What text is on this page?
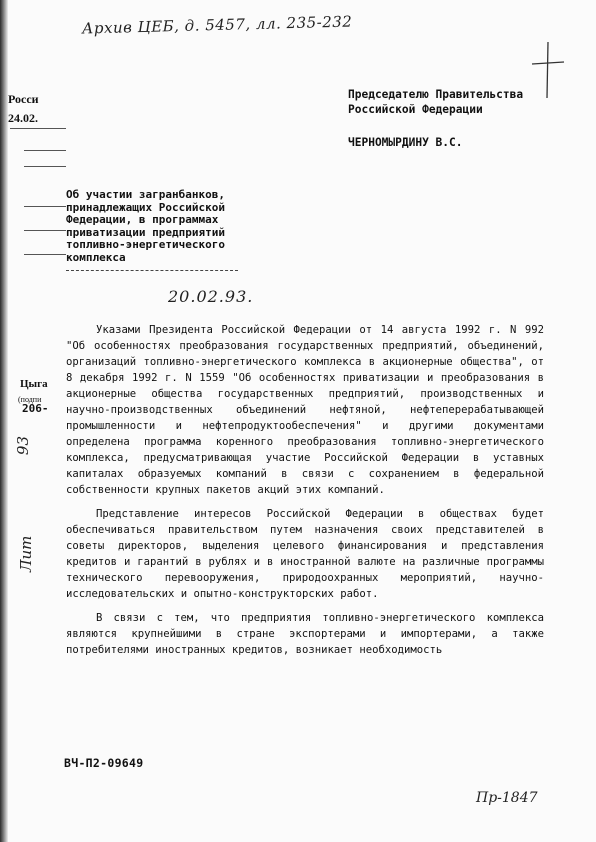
Архив ЦЕБ, д. 5457, лл. 235-232
Росси
24.02.
Цыга
(подпи
206-
93
Лит
Председателю Правительства
Российской Федерации
ЧЕРНОМЫРДИНУ В.С.
Об участии загранбанков,
принадлежащих Российской
Федерации, в программах
приватизации предприятий
топливно-энергетического
комплекса
20.02.93.

Указами Президента Российской Федерации от 14 августа 1992 г. N 992 "Об особенностях преобразования государственных предприятий, объединений, организаций топливно-энергетического комплекса в акционерные общества", от 8 декабря 1992 г. N 1559 "Об особенностях приватизации и преобразования в акционерные общества государственных предприятий, производственных и научно-производственных объединений нефтяной, нефтеперерабатывающей промышленности и нефтепродуктообеспечения" и другими документами определена программа коренного преобразования топливно-энергетического комплекса, предусматривающая участие Российской Федерации в уставных капиталах образуемых компаний в связи с сохранением в федеральной собственности крупных пакетов акций этих компаний.

Представление интересов Российской Федерации в обществах будет обеспечиваться правительством путем назначения своих представителей в советы директоров, выделения целевого финансирования и представления кредитов и гарантий в рублях и в иностранной валюте на различные программы технического перевооружения, природоохранных мероприятий, научно-исследовательских и опытно-конструкторских работ.

В связи с тем, что предприятия топливно-энергетического комплекса являются крупнейшими в стране экспортерами и импортерами, а также потребителями иностранных кредитов, возникает необходимость

ВЧ-П2-09649
Пр-1847
